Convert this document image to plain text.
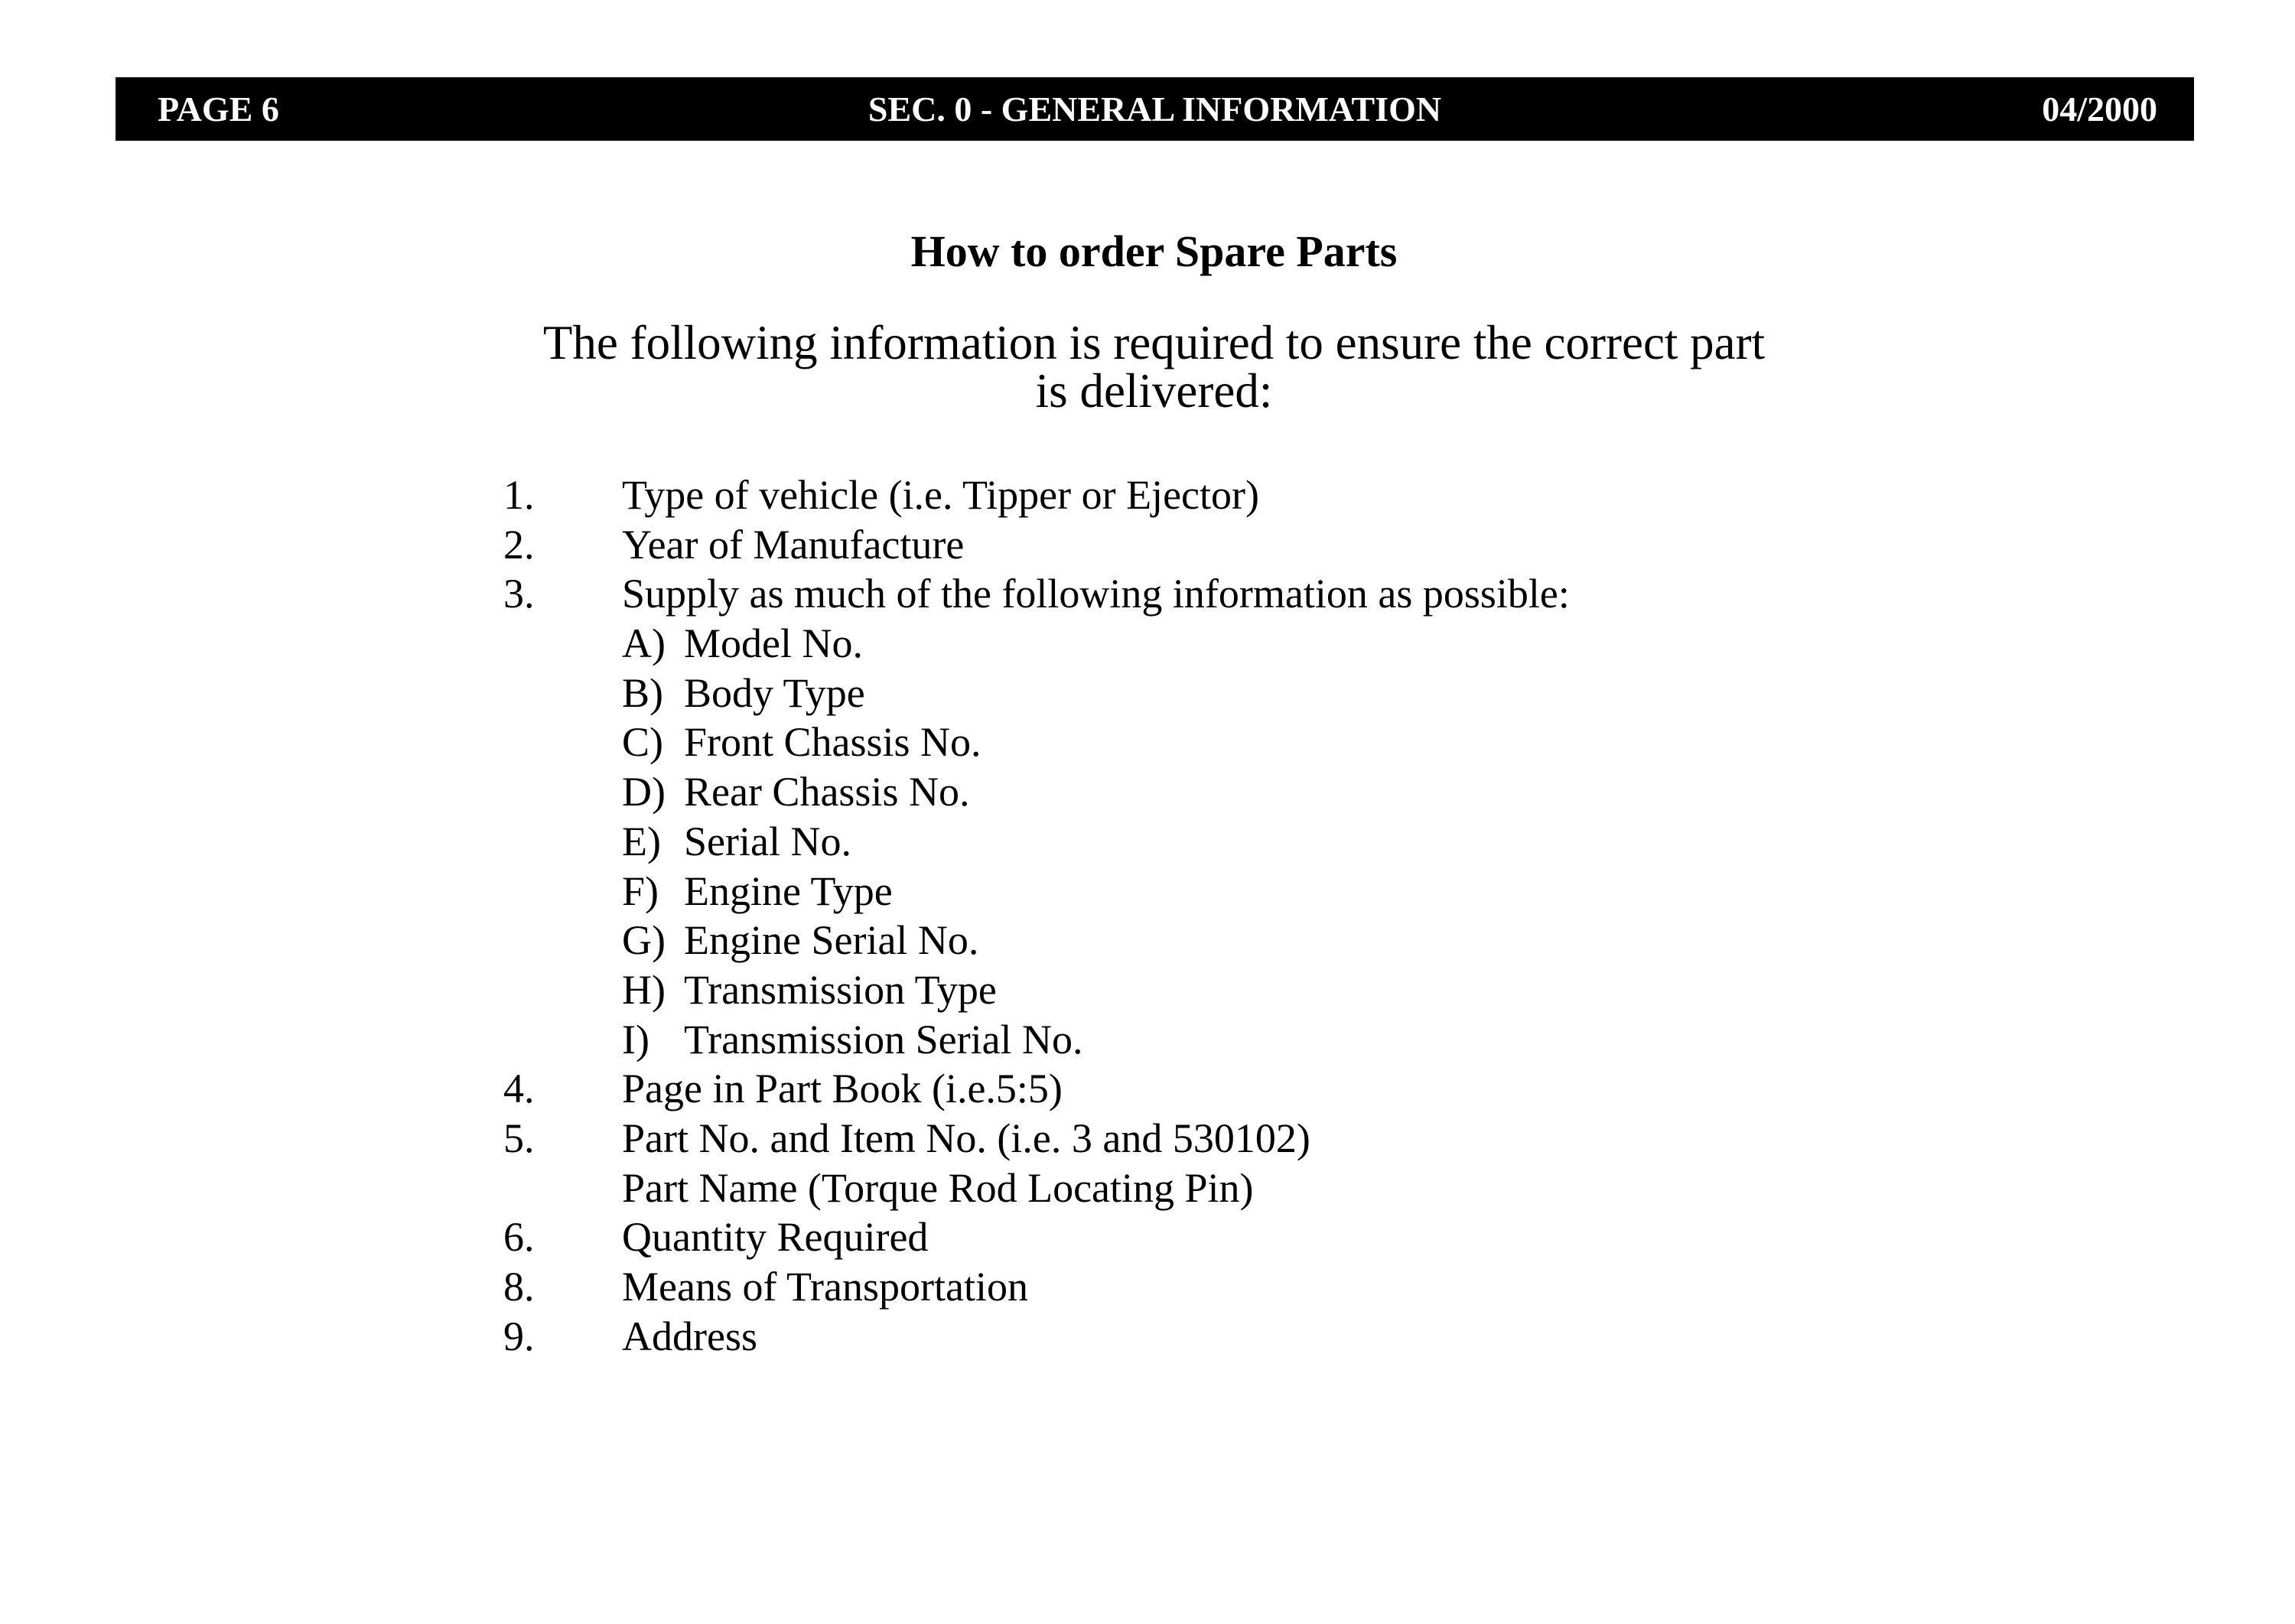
PAGE 6	SEC. 0 - GENERAL INFORMATION	04/2000
How to order Spare Parts
The following information is required to ensure the correct part
is delivered:
1. Type of vehicle (i.e. Tipper or Ejector)
2. Year of Manufacture
3. Supply as much of the following information as possible:
A) Model No.
B) Body Type
C) Front Chassis No.
D) Rear Chassis No.
E) Serial No.
F) Engine Type
G) Engine Serial No.
H) Transmission Type
I) Transmission Serial No.
4. Page in Part Book (i.e.5:5)
5. Part No. and Item No. (i.e. 3 and 530102)
Part Name (Torque Rod Locating Pin)
6. Quantity Required
8. Means of Transportation
9. Address
